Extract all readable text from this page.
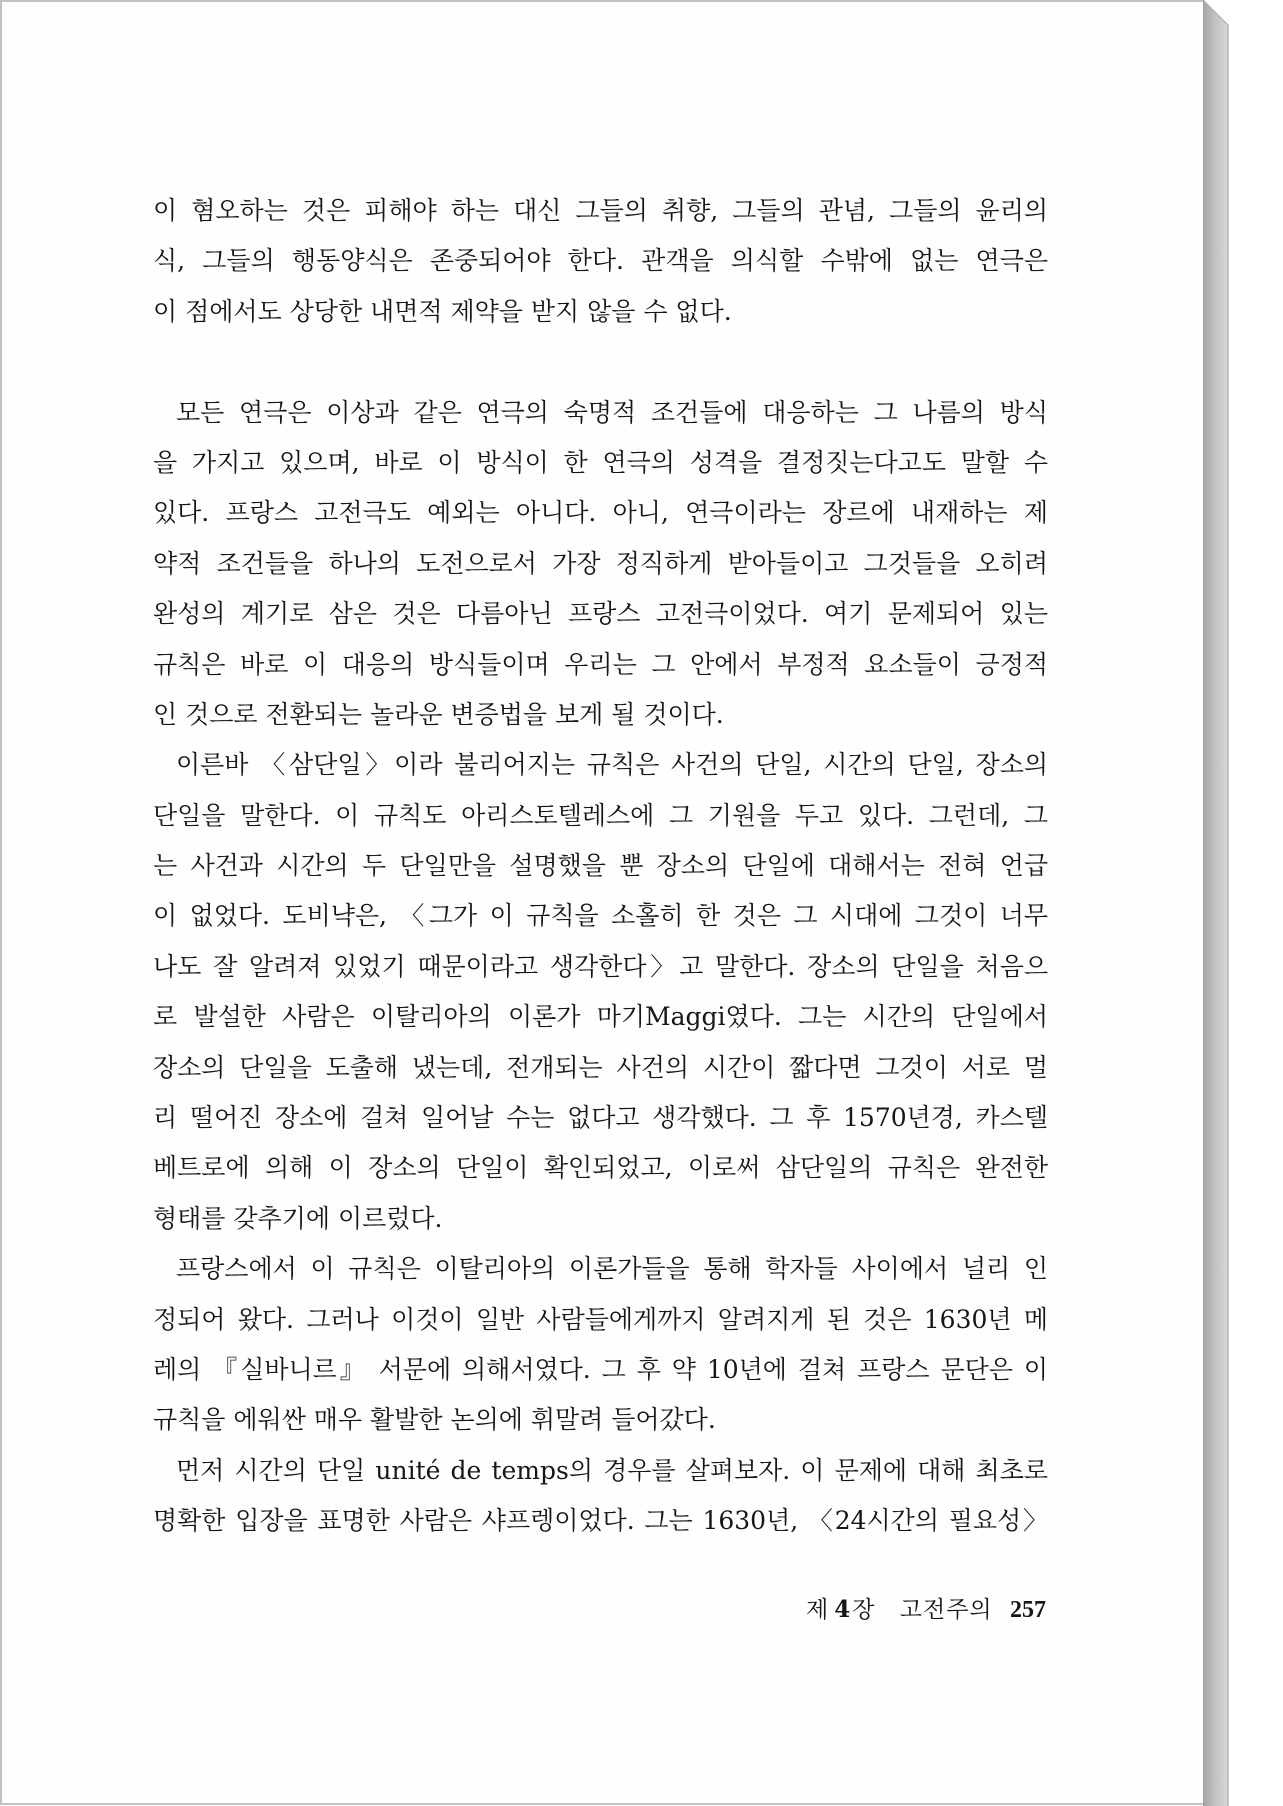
이 혐오하는 것은 피해야 하는 대신 그들의 취향, 그들의 관념, 그들의 윤리의
식, 그들의 행동양식은 존중되어야 한다. 관객을 의식할 수밖에 없는 연극은
이 점에서도 상당한 내면적 제약을 받지 않을 수 없다.
모든 연극은 이상과 같은 연극의 숙명적 조건들에 대응하는 그 나름의 방식
을 가지고 있으며, 바로 이 방식이 한 연극의 성격을 결정짓는다고도 말할 수
있다. 프랑스 고전극도 예외는 아니다. 아니, 연극이라는 장르에 내재하는 제
약적 조건들을 하나의 도전으로서 가장 정직하게 받아들이고 그것들을 오히려
완성의 계기로 삼은 것은 다름아닌 프랑스 고전극이었다. 여기 문제되어 있는
규칙은 바로 이 대응의 방식들이며 우리는 그 안에서 부정적 요소들이 긍정적
인 것으로 전환되는 놀라운 변증법을 보게 될 것이다.
이른바 〈삼단일〉이라 불리어지는 규칙은 사건의 단일, 시간의 단일, 장소의
단일을 말한다. 이 규칙도 아리스토텔레스에 그 기원을 두고 있다. 그런데, 그
는 사건과 시간의 두 단일만을 설명했을 뿐 장소의 단일에 대해서는 전혀 언급
이 없었다. 도비냑은, 〈그가 이 규칙을 소홀히 한 것은 그 시대에 그것이 너무
나도 잘 알려져 있었기 때문이라고 생각한다〉고 말한다. 장소의 단일을 처음으
로 발설한 사람은 이탈리아의 이론가 마기Maggi였다. 그는 시간의 단일에서
장소의 단일을 도출해 냈는데, 전개되는 사건의 시간이 짧다면 그것이 서로 멀
리 떨어진 장소에 걸쳐 일어날 수는 없다고 생각했다. 그 후 1570년경, 카스텔
베트로에 의해 이 장소의 단일이 확인되었고, 이로써 삼단일의 규칙은 완전한
형태를 갖추기에 이르렀다.
프랑스에서 이 규칙은 이탈리아의 이론가들을 통해 학자들 사이에서 널리 인
정되어 왔다. 그러나 이것이 일반 사람들에게까지 알려지게 된 것은 1630년 메
레의 『실바니르』 서문에 의해서였다. 그 후 약 10년에 걸쳐 프랑스 문단은 이
규칙을 에워싼 매우 활발한 논의에 휘말려 들어갔다.
먼저 시간의 단일 unité de temps의 경우를 살펴보자. 이 문제에 대해 최초로
명확한 입장을 표명한 사람은 샤프렝이었다. 그는 1630년, 〈24시간의 필요성〉
제 4장 고전주의 257
